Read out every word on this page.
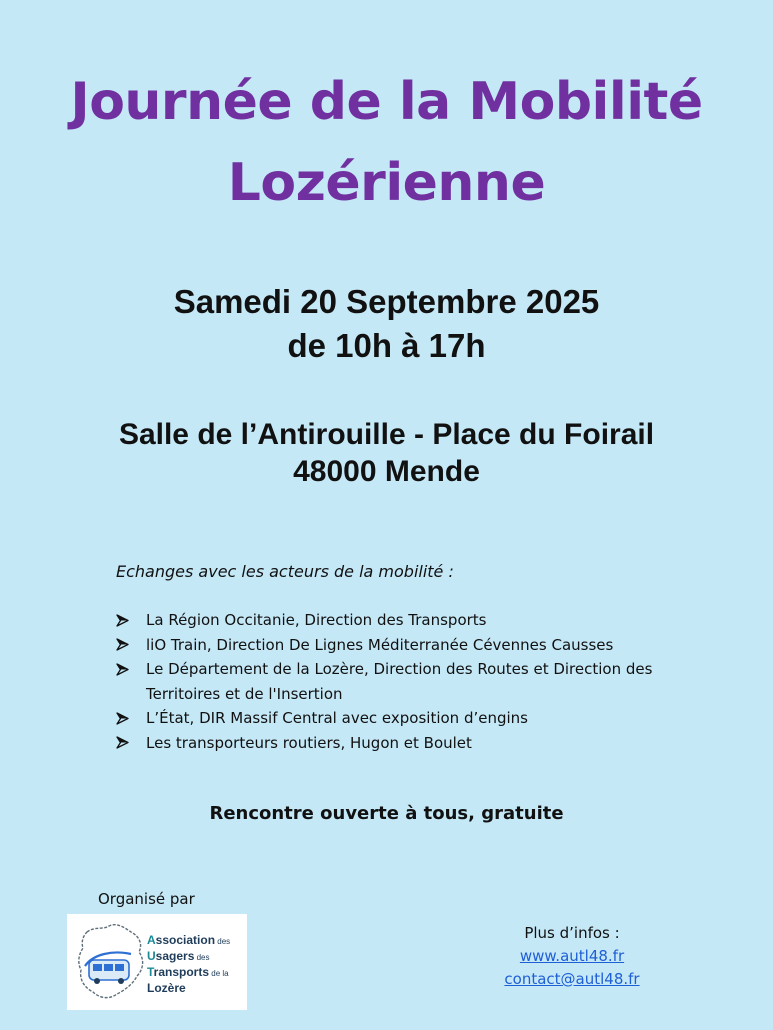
Journée de la Mobilité
Lozérienne
Samedi 20 Septembre 2025
de 10h à 17h
Salle de l’Antirouille - Place du Foirail
48000 Mende
Echanges avec les acteurs de la mobilité :
La Région Occitanie, Direction des Transports
liO Train, Direction De Lignes Méditerranée Cévennes Causses
Le Département de la Lozère, Direction des Routes et Direction des Territoires et de l'Insertion
L’État, DIR Massif Central avec exposition d’engins
Les transporteurs routiers, Hugon et Boulet
Rencontre ouverte à tous, gratuite
Organisé par
Association des
Usagers des
Transports de la
Lozère
Plus d’infos :
www.autl48.fr
contact@autl48.fr
